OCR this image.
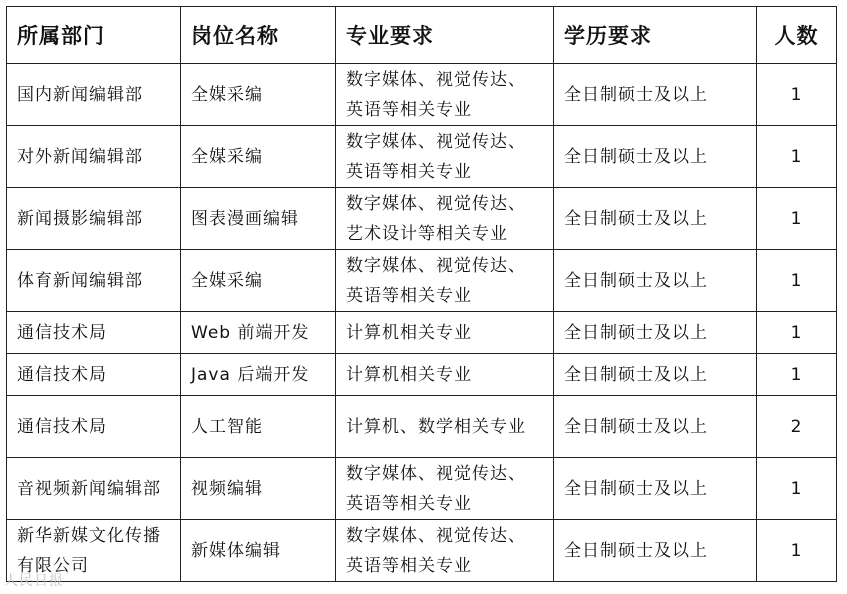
所属部门	岗位名称	专业要求	学历要求	人数
国内新闻编辑部	全媒采编	数字媒体、视觉传达、英语等相关专业	全日制硕士及以上	1
对外新闻编辑部	全媒采编	数字媒体、视觉传达、英语等相关专业	全日制硕士及以上	1
新闻摄影编辑部	图表漫画编辑	数字媒体、视觉传达、艺术设计等相关专业	全日制硕士及以上	1
体育新闻编辑部	全媒采编	数字媒体、视觉传达、英语等相关专业	全日制硕士及以上	1
通信技术局	Web 前端开发	计算机相关专业	全日制硕士及以上	1
通信技术局	Java 后端开发	计算机相关专业	全日制硕士及以上	1
通信技术局	人工智能	计算机、数学相关专业	全日制硕士及以上	2
音视频新闻编辑部	视频编辑	数字媒体、视觉传达、英语等相关专业	全日制硕士及以上	1
新华新媒文化传播有限公司	新媒体编辑	数字媒体、视觉传达、英语等相关专业	全日制硕士及以上	1
人民日报
